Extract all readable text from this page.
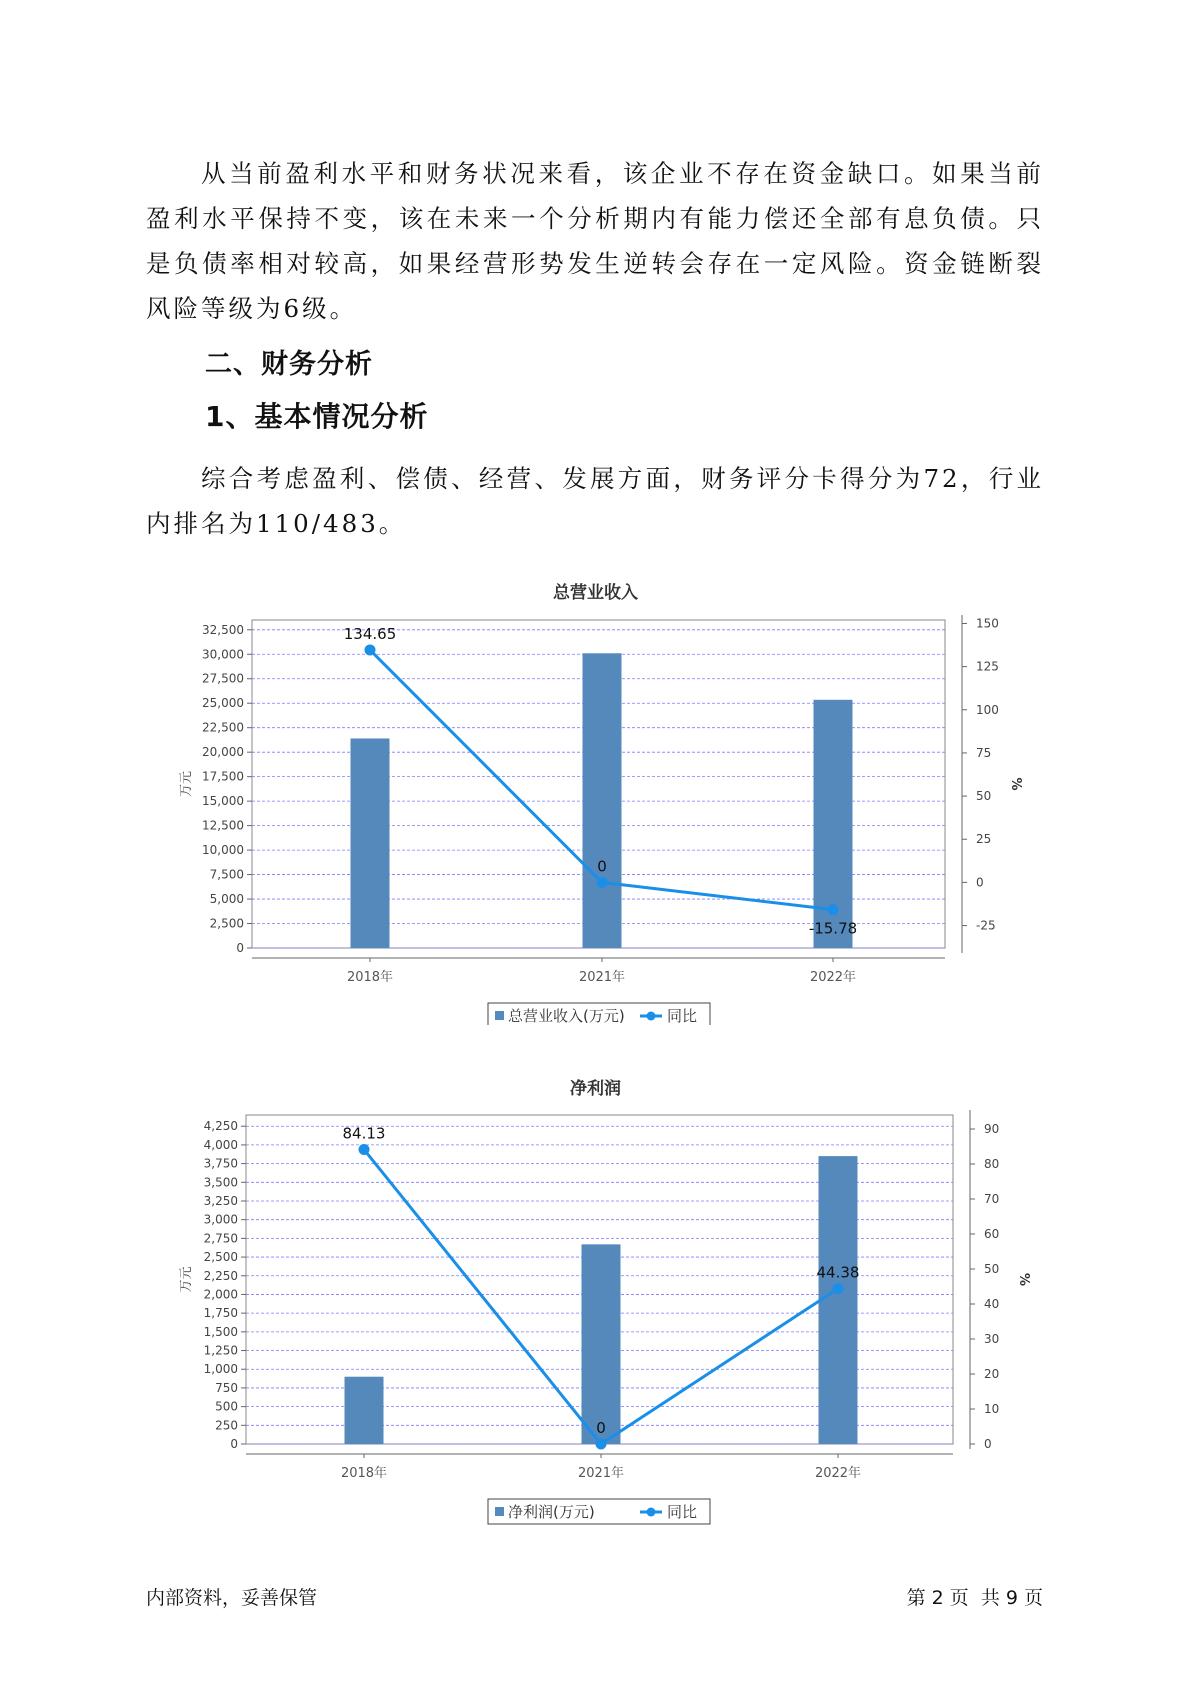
从当前盈利水平和财务状况来看，该企业不存在资金缺口。如果当前盈利水平保持不变，该在未来一个分析期内有能力偿还全部有息负债。只是负债率相对较高，如果经营形势发生逆转会存在一定风险。资金链断裂风险等级为6级。

二、财务分析
1、基本情况分析

综合考虑盈利、偿债、经营、发展方面，财务评分卡得分为72，行业内排名为110/483。

总营业收入
0
2,500
5,000
7,500
10,000
12,500
15,000
17,500
20,000
22,500
25,000
27,500
30,000
32,500
-25
0
25
50
75
100
125
150
万元	%
2018年	2021年	2022年
134.65
0
-15.78
总营业收入(万元)	同比
净利润
0
250
500
750
1,000
1,250
1,500
1,750
2,000
2,250
2,500
2,750
3,000
3,250
3,500
3,750
4,000
4,250
0
10
20
30
40
50
60
70
80
90
万元	%
2018年	2021年	2022年
84.13
0
44.38
净利润(万元)	同比
内部资料，妥善保管	第 2 页  共 9 页
